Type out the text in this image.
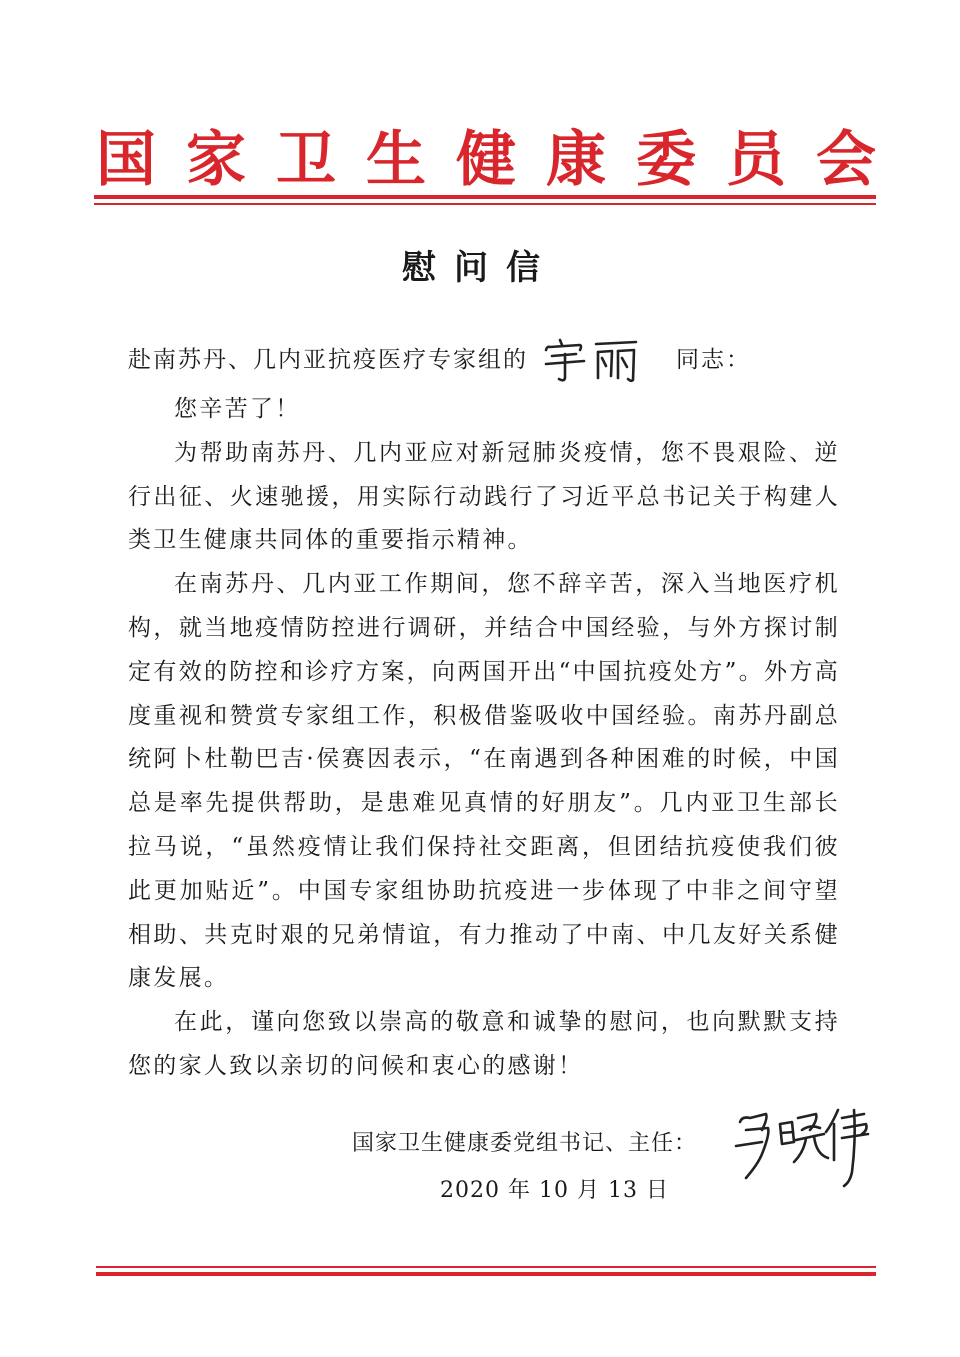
国 家 卫 生 健 康 委 员 会
慰问信
赴南苏丹、几内亚抗疫医疗专家组的	同志：

您辛苦了！

为帮助南苏丹、几内亚应对新冠肺炎疫情，您不畏艰险、逆行出征、火速驰援，用实际行动践行了习近平总书记关于构建人类卫生健康共同体的重要指示精神。

在南苏丹、几内亚工作期间，您不辞辛苦，深入当地医疗机构，就当地疫情防控进行调研，并结合中国经验，与外方探讨制定有效的防控和诊疗方案，向两国开出“中国抗疫处方”。外方高度重视和赞赏专家组工作，积极借鉴吸收中国经验。南苏丹副总统阿卜杜勒巴吉·侯赛因表示，“在南遇到各种困难的时候，中国总是率先提供帮助，是患难见真情的好朋友”。几内亚卫生部长拉马说，“虽然疫情让我们保持社交距离，但团结抗疫使我们彼此更加贴近”。中国专家组协助抗疫进一步体现了中非之间守望相助、共克时艰的兄弟情谊，有力推动了中南、中几友好关系健康发展。

在此，谨向您致以崇高的敬意和诚挚的慰问，也向默默支持您的家人致以亲切的问候和衷心的感谢！

国家卫生健康委党组书记、主任：
2020 年 10 月 13 日
